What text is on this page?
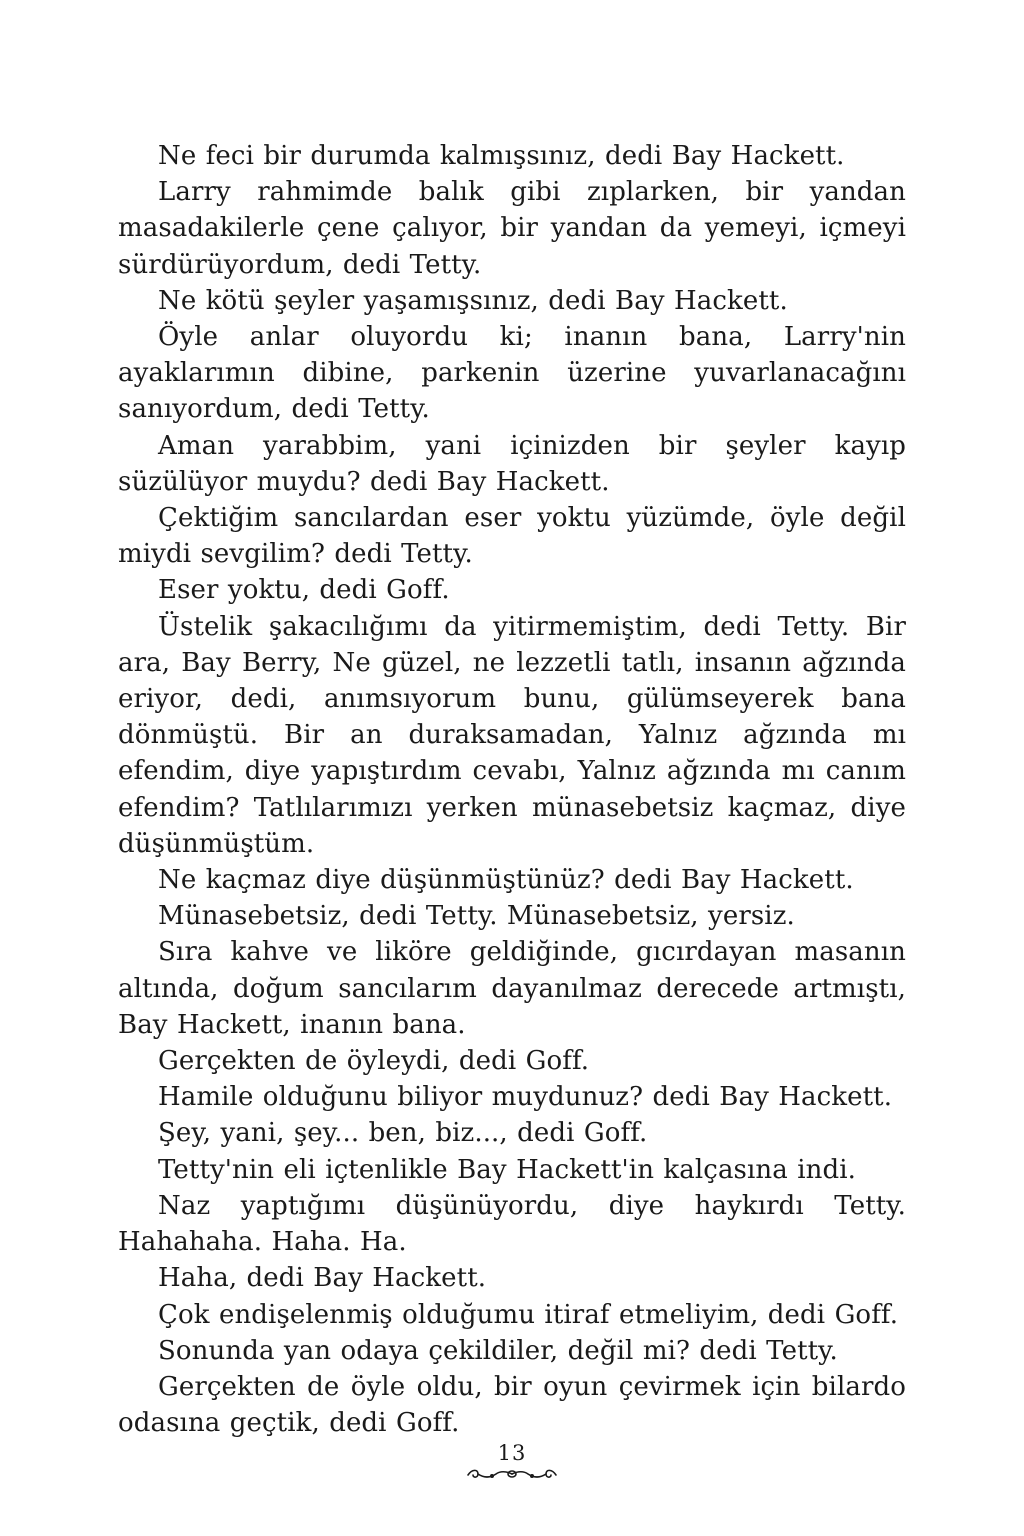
Ne feci bir durumda kalmışsınız, dedi Bay Hackett.

Larry rahmimde balık gibi zıplarken, bir yandan masadakilerle çene çalıyor, bir yandan da yemeyi, içmeyi sürdürüyordum, dedi Tetty.

Ne kötü şeyler yaşamışsınız, dedi Bay Hackett.

Öyle anlar oluyordu ki; inanın bana, Larry'nin ayaklarımın dibine, parkenin üzerine yuvarlanacağını sanıyordum, dedi Tetty.

Aman yarabbim, yani içinizden bir şeyler kayıp süzülüyor muydu? dedi Bay Hackett.

Çektiğim sancılardan eser yoktu yüzümde, öyle değil miydi sevgilim? dedi Tetty.

Eser yoktu, dedi Goff.

Üstelik şakacılığımı da yitirmemiştim, dedi Tetty. Bir ara, Bay Berry, Ne güzel, ne lezzetli tatlı, insanın ağzında eriyor, dedi, anımsıyorum bunu, gülümseyerek bana dönmüştü. Bir an duraksamadan, Yalnız ağzında mı efendim, diye yapıştırdım cevabı, Yalnız ağzında mı canım efendim? Tatlılarımızı yerken münasebetsiz kaçmaz, diye düşünmüştüm.

Ne kaçmaz diye düşünmüştünüz? dedi Bay Hackett.

Münasebetsiz, dedi Tetty. Münasebetsiz, yersiz.

Sıra kahve ve likörе geldiğinde, gıcırdayan masanın altında, doğum sancılarım dayanılmaz derecede artmıştı, Bay Hackett, inanın bana.

Gerçekten de öyleydi, dedi Goff.

Hamile olduğunu biliyor muydunuz? dedi Bay Hackett.

Şey, yani, şey... ben, biz..., dedi Goff.

Tetty'nin eli içtenlikle Bay Hackett'in kalçasına indi.

Naz yaptığımı düşünüyordu, diye haykırdı Tetty. Hahahaha. Haha. Ha.

Haha, dedi Bay Hackett.

Çok endişelenmiş olduğumu itiraf etmeliyim, dedi Goff.

Sonunda yan odaya çekildiler, değil mi? dedi Tetty.

Gerçekten de öyle oldu, bir oyun çevirmek için bilardo odasına geçtik, dedi Goff.

13
